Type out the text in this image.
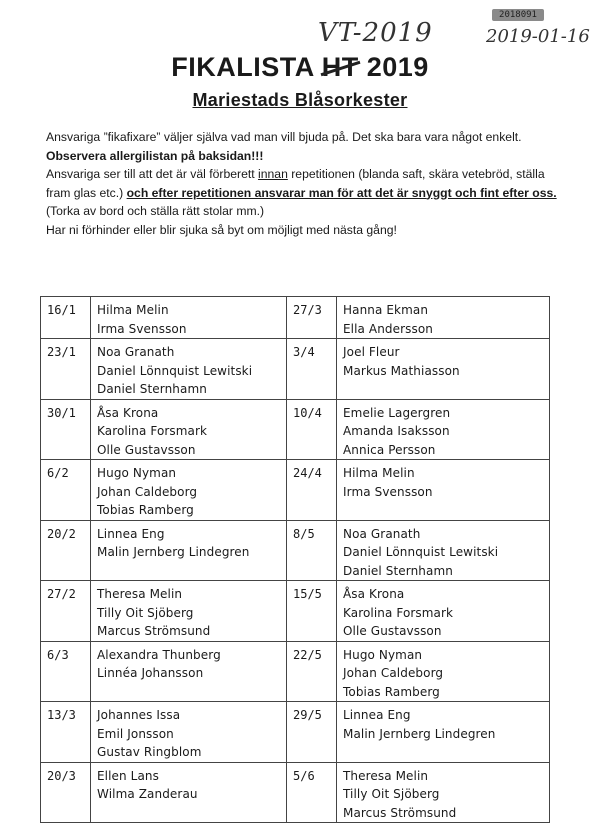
2018091
VT-2019	2019-01-16
FIKALISTA HT 2019
Mariestads Blåsorkester

Ansvariga ”fikafixare” väljer själva vad man vill bjuda på. Det ska bara vara något enkelt. Observera allergilistan på baksidan!!!

Ansvariga ser till att det är väl förberett innan repetitionen (blanda saft, skära vetebröd, ställa fram glas etc.) och efter repetitionen ansvarar man för att det är snyggt och fint efter oss. (Torka av bord och ställa rätt stolar mm.)

Har ni förhinder eller blir sjuka så byt om möjligt med nästa gång!

16/1	Hilma Melin
Irma Svensson	27/3	Hanna Ekman
Ella Andersson

23/1	Noa Granath
Daniel Lönnquist Lewitski
Daniel Sternhamn	3/4	Joel Fleur
Markus Mathiasson

30/1	Åsa Krona
Karolina Forsmark
Olle Gustavsson	10/4	Emelie Lagergren
Amanda Isaksson
Annica Persson

6/2	Hugo Nyman
Johan Caldeborg
Tobias Ramberg	24/4	Hilma Melin
Irma Svensson

20/2	Linnea Eng
Malin Jernberg Lindegren	8/5	Noa Granath
Daniel Lönnquist Lewitski
Daniel Sternhamn

27/2	Theresa Melin
Tilly Oit Sjöberg
Marcus Strömsund	15/5	Åsa Krona
Karolina Forsmark
Olle Gustavsson

6/3	Alexandra Thunberg
Linnéa Johansson	22/5	Hugo Nyman
Johan Caldeborg
Tobias Ramberg

13/3	Johannes Issa
Emil Jonsson
Gustav Ringblom	29/5	Linnea Eng
Malin Jernberg Lindegren

20/3	Ellen Lans
Wilma Zanderau	5/6	Theresa Melin
Tilly Oit Sjöberg
Marcus Strömsund
